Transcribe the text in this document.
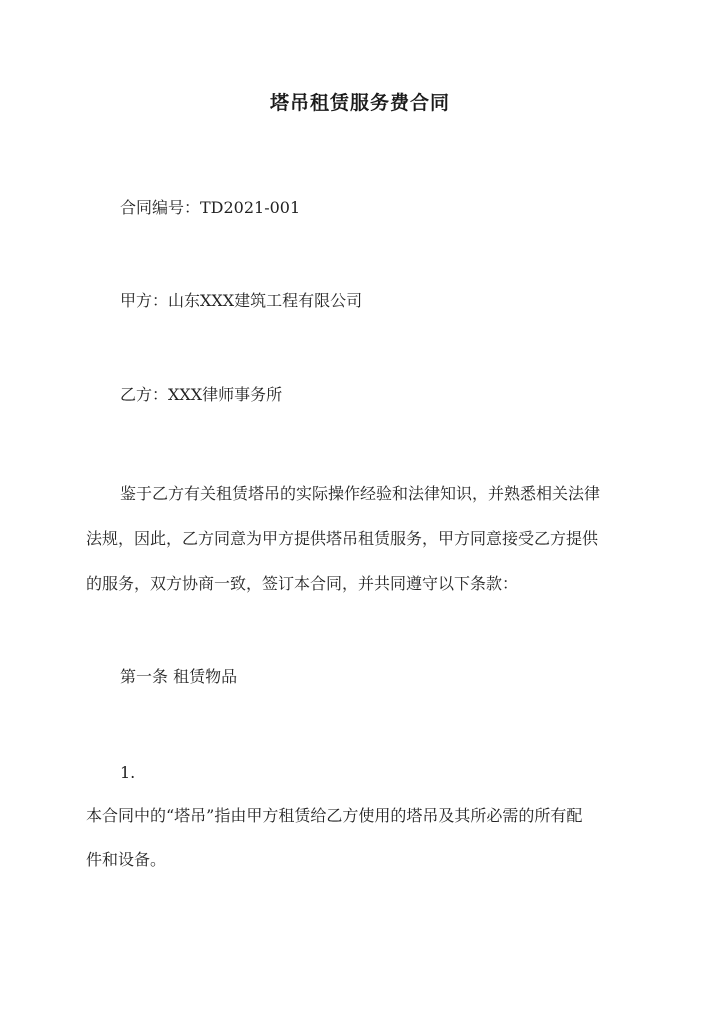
塔吊租赁服务费合同
合同编号：TD2021-001
甲方：山东XXX建筑工程有限公司
乙方：XXX律师事务所
鉴于乙方有关租赁塔吊的实际操作经验和法律知识，并熟悉相关法律
法规，因此，乙方同意为甲方提供塔吊租赁服务，甲方同意接受乙方提供
的服务，双方协商一致，签订本合同，并共同遵守以下条款：
第一条 租赁物品
1.
本合同中的“塔吊”指由甲方租赁给乙方使用的塔吊及其所必需的所有配
件和设备。
